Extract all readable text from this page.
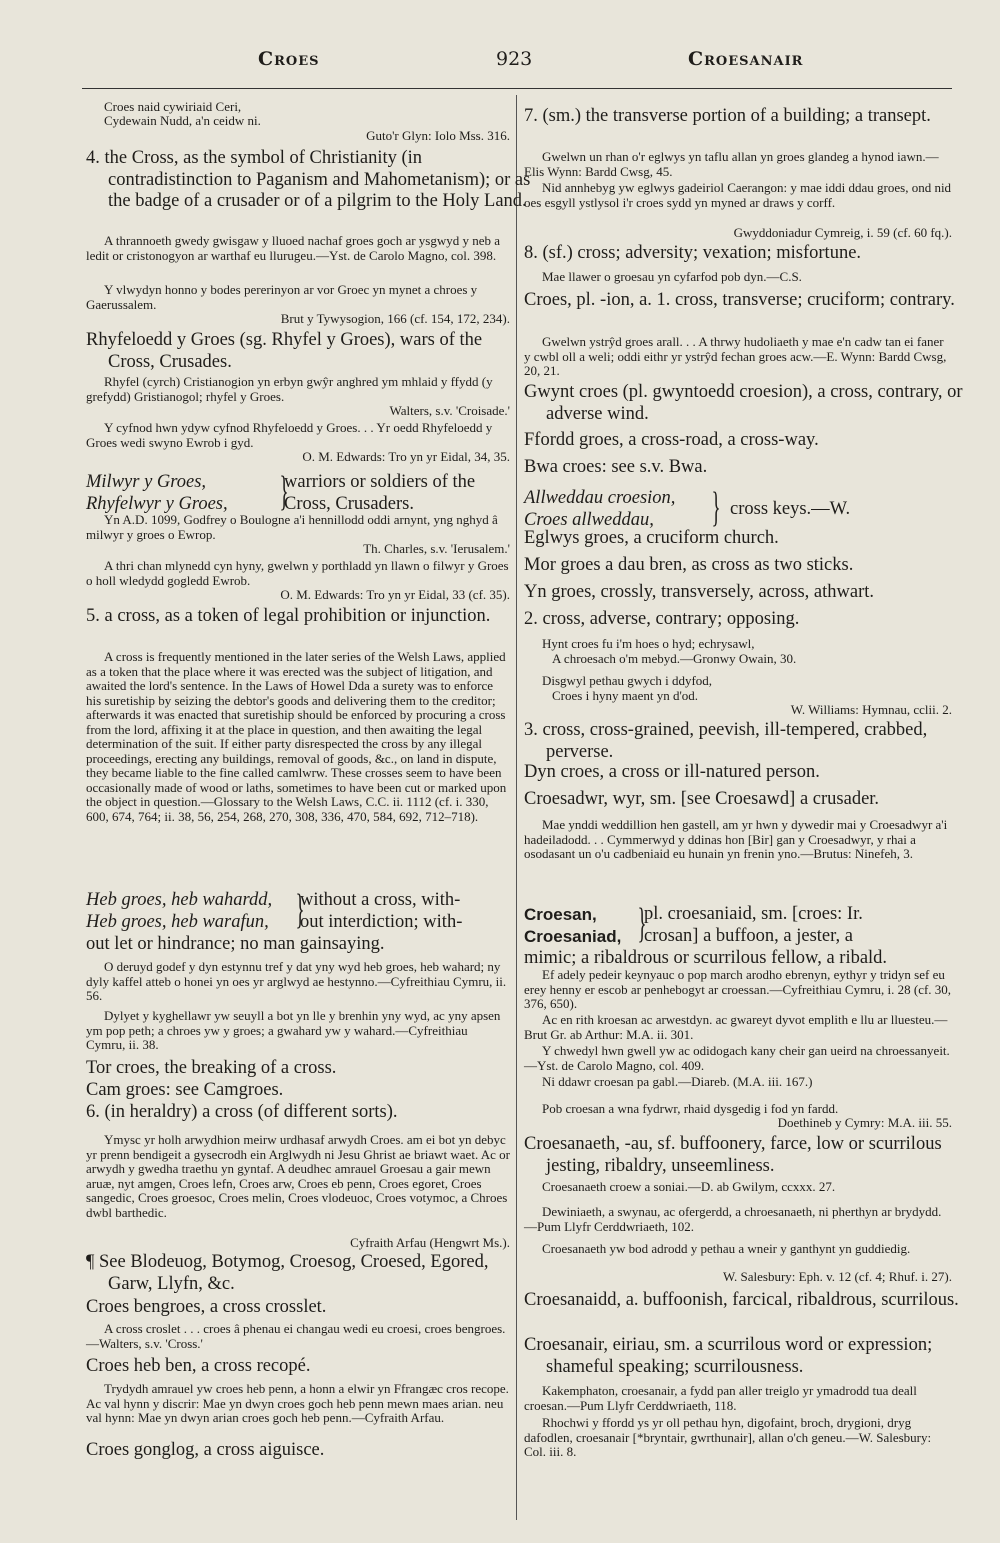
Croes	923	Croesanair

Croes naid cywiriaid Ceri,

Cydewain Nudd, a'n ceidw ni.

Guto'r Glyn: Iolo Mss. 316.

4. the Cross, as the symbol of Christianity (in contradistinction to Paganism and Mahometanism); or as the badge of a crusader or of a pilgrim to the Holy Land.

A thrannoeth gwedy gwisgaw y lluoed nachaf groes goch ar ysgwyd y neb a ledit or cristonogyon ar warthaf eu llurugeu.—Yst. de Carolo Magno, col. 398.

Y vlwydyn honno y bodes pererinyon ar vor Groec yn mynet a chroes y Gaerussalem.

Brut y Tywysogion, 166 (cf. 154, 172, 234).

Rhyfeloedd y Groes (sg. Rhyfel y Groes), wars of the Cross, Crusades.

Rhyfel (cyrch) Cristianogion yn erbyn gwŷr anghred ym mhlaid y ffydd (y grefydd) Gristianogol; rhyfel y Groes.

Walters, s.v. 'Croisade.'

Y cyfnod hwn ydyw cyfnod Rhyfeloedd y Groes. . . Yr oedd Rhyfeloedd y Groes wedi swyno Ewrob i gyd.

O. M. Edwards: Tro yn yr Eidal, 34, 35.

Yn A.D. 1099, Godfrey o Boulogne a'i hennillodd oddi arnynt, yng nghyd â milwyr y groes o Ewrop.

Th. Charles, s.v. 'Ierusalem.'

A thri chan mlynedd cyn hyny, gwelwn y porthladd yn llawn o filwyr y Groes o holl wledydd gogledd Ewrob.

O. M. Edwards: Tro yn yr Eidal, 33 (cf. 35).

5. a cross, as a token of legal prohibition or injunction.

A cross is frequently mentioned in the later series of the Welsh Laws, applied as a token that the place where it was erected was the subject of litigation, and awaited the lord's sentence. In the Laws of Howel Dda a surety was to enforce his suretiship by seizing the debtor's goods and delivering them to the creditor; afterwards it was enacted that suretiship should be enforced by procuring a cross from the lord, affixing it at the place in question, and then awaiting the legal determination of the suit. If either party disrespected the cross by any illegal proceedings, erecting any buildings, removal of goods, &c., on land in dispute, they became liable to the fine called camlwrw. These crosses seem to have been occasionally made of wood or laths, sometimes to have been cut or marked upon the object in question.—Glossary to the Welsh Laws, C.C. ii. 1112 (cf. i. 330, 600, 674, 764; ii. 38, 56, 254, 268, 270, 308, 336, 470, 584, 692, 712–718).

O deruyd godef y dyn estynnu tref y dat yny wyd heb groes, heb wahard; ny dyly kaffel atteb o honei yn oes yr arglwyd ae hestynno.—Cyfreithiau Cymru, ii. 56.

Dylyet y kyghellawr yw seuyll a bot yn lle y brenhin yny wyd, ac yny apsen ym pop peth; a chroes yw y groes; a gwahard yw y wahard.—Cyfreithiau Cymru, ii. 38.

Tor croes, the breaking of a cross.

Cam groes: see Camgroes.

6. (in heraldry) a cross (of different sorts).

Ymysc yr holh arwydhion meirw urdhasaf arwydh Croes. am ei bot yn debyc yr prenn bendigeit a gysecrodh ein Arglwydh ni Jesu Ghrist ae briawt waet. Ac or arwydh y gwedha traethu yn gyntaf. A deudhec amrauel Groesau a gair mewn aruæ, nyt amgen, Croes lefn, Croes arw, Croes eb penn, Croes egoret, Croes sangedic, Croes groesoc, Croes melin, Croes vlodeuoc, Croes votymoc, a Chroes dwbl barthedic.

Cyfraith Arfau (Hengwrt Ms.).

¶ See Blodeuog, Botymog, Croesog, Croesed, Egored, Garw, Llyfn, &c.

Croes bengroes, a cross crosslet.

A cross croslet . . . croes â phenau ei changau wedi eu croesi, croes bengroes.—Walters, s.v. 'Cross.'

Croes heb ben, a cross recopé.

Trydydh amrauel yw croes heb penn, a honn a elwir yn Ffrangæc cros recope. Ac val hynn y discrir: Mae yn dwyn croes goch heb penn mewn maes arian. neu val hynn: Mae yn dwyn arian croes goch heb penn.—Cyfraith Arfau.

Croes gonglog, a cross aiguisce.

Milwyr y Groes,
Rhyfelwyr y Groes, }
warriors or soldiers of the
Cross, Crusaders.
Heb groes, heb wahardd,
Heb groes, heb warafun, }
without a cross, with-
out interdiction; with-
out let or hindrance; no man gainsaying.

7. (sm.) the transverse portion of a building; a transept.

Gwelwn un rhan o'r eglwys yn taflu allan yn groes glandeg a hynod iawn.—Elis Wynn: Bardd Cwsg, 45.

Nid annhebyg yw eglwys gadeiriol Caerangon: y mae iddi ddau groes, ond nid oes esgyll ystlysol i'r croes sydd yn myned ar draws y corff.

Gwyddoniadur Cymreig, i. 59 (cf. 60 fq.).

8. (sf.) cross; adversity; vexation; misfortune.

Mae llawer o groesau yn cyfarfod pob dyn.—C.S.

Croes, pl. -ion, a. 1. cross, transverse; cruciform; contrary.

Gwelwn ystrŷd groes arall. . . A thrwy hudoliaeth y mae e'n cadw tan ei faner y cwbl oll a weli; oddi eithr yr ystrŷd fechan groes acw.—E. Wynn: Bardd Cwsg, 20, 21.

Gwynt croes (pl. gwyntoedd croesion), a cross, contrary, or adverse wind.

Ffordd groes, a cross-road, a cross-way.

Bwa croes: see s.v. Bwa.

Eglwys groes, a cruciform church.

Mor groes a dau bren, as cross as two sticks.

Yn groes, crossly, transversely, across, athwart.

2. cross, adverse, contrary; opposing.

Hynt croes fu i'm hoes o hyd; echrysawl,

A chroesach o'm mebyd.—Gronwy Owain, 30.

Disgwyl pethau gwych i ddyfod,

Croes i hyny maent yn d'od.

W. Williams: Hymnau, cclii. 2.

3. cross, cross-grained, peevish, ill-tempered, crabbed, perverse.

Dyn croes, a cross or ill-natured person.

Croesadwr, wyr, sm. [see Croesawd] a crusader.

Mae ynddi weddillion hen gastell, am yr hwn y dywedir mai y Croesadwyr a'i hadeiladodd. . . Cymmerwyd y ddinas hon [Bir] gan y Croesadwyr, y rhai a osodasant un o'u cadbeniaid eu hunain yn frenin yno.—Brutus: Ninefeh, 3.

Ef adely pedeir keynyauc o pop march arodho ebrenyn, eythyr y tridyn sef eu erey henny er escob ar penhebogyt ar croessan.—Cyfreithiau Cymru, i. 28 (cf. 30, 376, 650).

Ac en rith kroesan ac arwestdyn. ac gwareyt dyvot emplith e llu ar lluesteu.—Brut Gr. ab Arthur: M.A. ii. 301.

Y chwedyl hwn gwell yw ac odidogach kany cheir gan ueird na chroessanyeit.—Yst. de Carolo Magno, col. 409.

Ni ddawr croesan pa gabl.—Diareb. (M.A. iii. 167.)

Pob croesan a wna fydrwr, rhaid dysgedig i fod yn fardd.

Doethineb y Cymry: M.A. iii. 55.

Croesanaeth, -au, sf. buffoonery, farce, low or scurrilous jesting, ribaldry, unseemliness.

Croesanaeth croew a soniai.—D. ab Gwilym, ccxxx. 27.

Dewiniaeth, a swynau, ac ofergerdd, a chroesanaeth, ni pherthyn ar brydydd.—Pum Llyfr Cerddwriaeth, 102.

Croesanaeth yw bod adrodd y pethau a wneir y ganthynt yn guddiedig.

W. Salesbury: Eph. v. 12 (cf. 4; Rhuf. i. 27).

Croesanaidd, a. buffoonish, farcical, ribaldrous, scurrilous.

Croesanair, eiriau, sm. a scurrilous word or expression; shameful speaking; scurrilousness.

Kakemphaton, croesanair, a fydd pan aller treiglo yr ymadrodd tua deall croesan.—Pum Llyfr Cerddwriaeth, 118.

Rhochwi y ffordd ys yr oll pethau hyn, digofaint, broch, drygioni, dryg dafodlen, croesanair [*bryntair, gwrthunair], allan o'ch geneu.—W. Salesbury: Col. iii. 8.

Allweddau croesion,
Croes allweddau, } cross keys.—W.
Croesan,
Croesaniad, }
pl. croesaniaid, sm. [croes: Ir.
crosan] a buffoon, a jester, a
mimic; a ribaldrous or scurrilous fellow, a ribald.
